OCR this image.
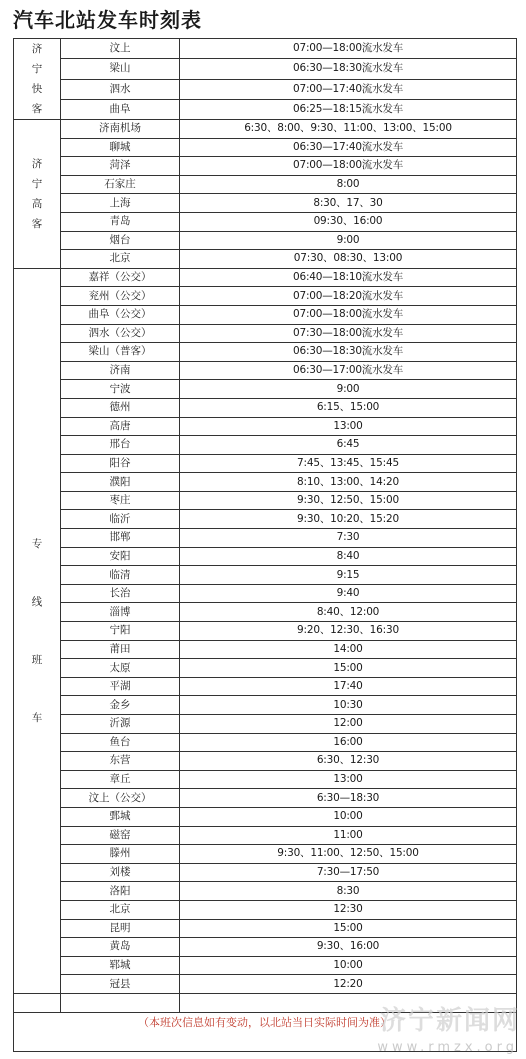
汽车北站发车时刻表
济宁快客	汶上	07:00—18:00流水发车
	梁山	06:30—18:30流水发车
	泗水	07:00—17:40流水发车
	曲阜	06:25—18:15流水发车
济宁高客	济南机场	6:30、8:00、9:30、11:00、13:00、15:00
	聊城	06:30—17:40流水发车
	菏泽	07:00—18:00流水发车
	石家庄	8:00
	上海	8:30、17、30
	青岛	09:30、16:00
	烟台	9:00
	北京	07:30、08:30、13:00
专线班车	嘉祥（公交）	06:40—18:10流水发车
	兖州（公交）	07:00—18:20流水发车
	曲阜（公交）	07:00—18:00流水发车
	泗水（公交）	07:30—18:00流水发车
	梁山（普客）	06:30—18:30流水发车
	济南	06:30—17:00流水发车
	宁波	9:00
	德州	6:15、15:00
	高唐	13:00
	邢台	6:45
	阳谷	7:45、13:45、15:45
	濮阳	8:10、13:00、14:20
	枣庄	9:30、12:50、15:00
	临沂	9:30、10:20、15:20
	邯郸	7:30
	安阳	8:40
	临清	9:15
	长治	9:40
	淄博	8:40、12:00
	宁阳	9:20、12:30、16:30
	莆田	14:00
	太原	15:00
	平湖	17:40
	金乡	10:30
	沂源	12:00
	鱼台	16:00
	东营	6:30、12:30
	章丘	13:00
	汶上（公交）	6:30—18:30
	鄄城	10:00
	磁窑	11:00
	滕州	9:30、11:00、12:50、15:00
	刘楼	7:30—17:50
	洛阳	8:30
	北京	12:30
	昆明	15:00
	黄岛	9:30、16:00
	郓城	10:00
	冠县	12:20

（本班次信息如有变动，以北站当日实际时间为准）
济宁新闻网
www.rmzx.org
